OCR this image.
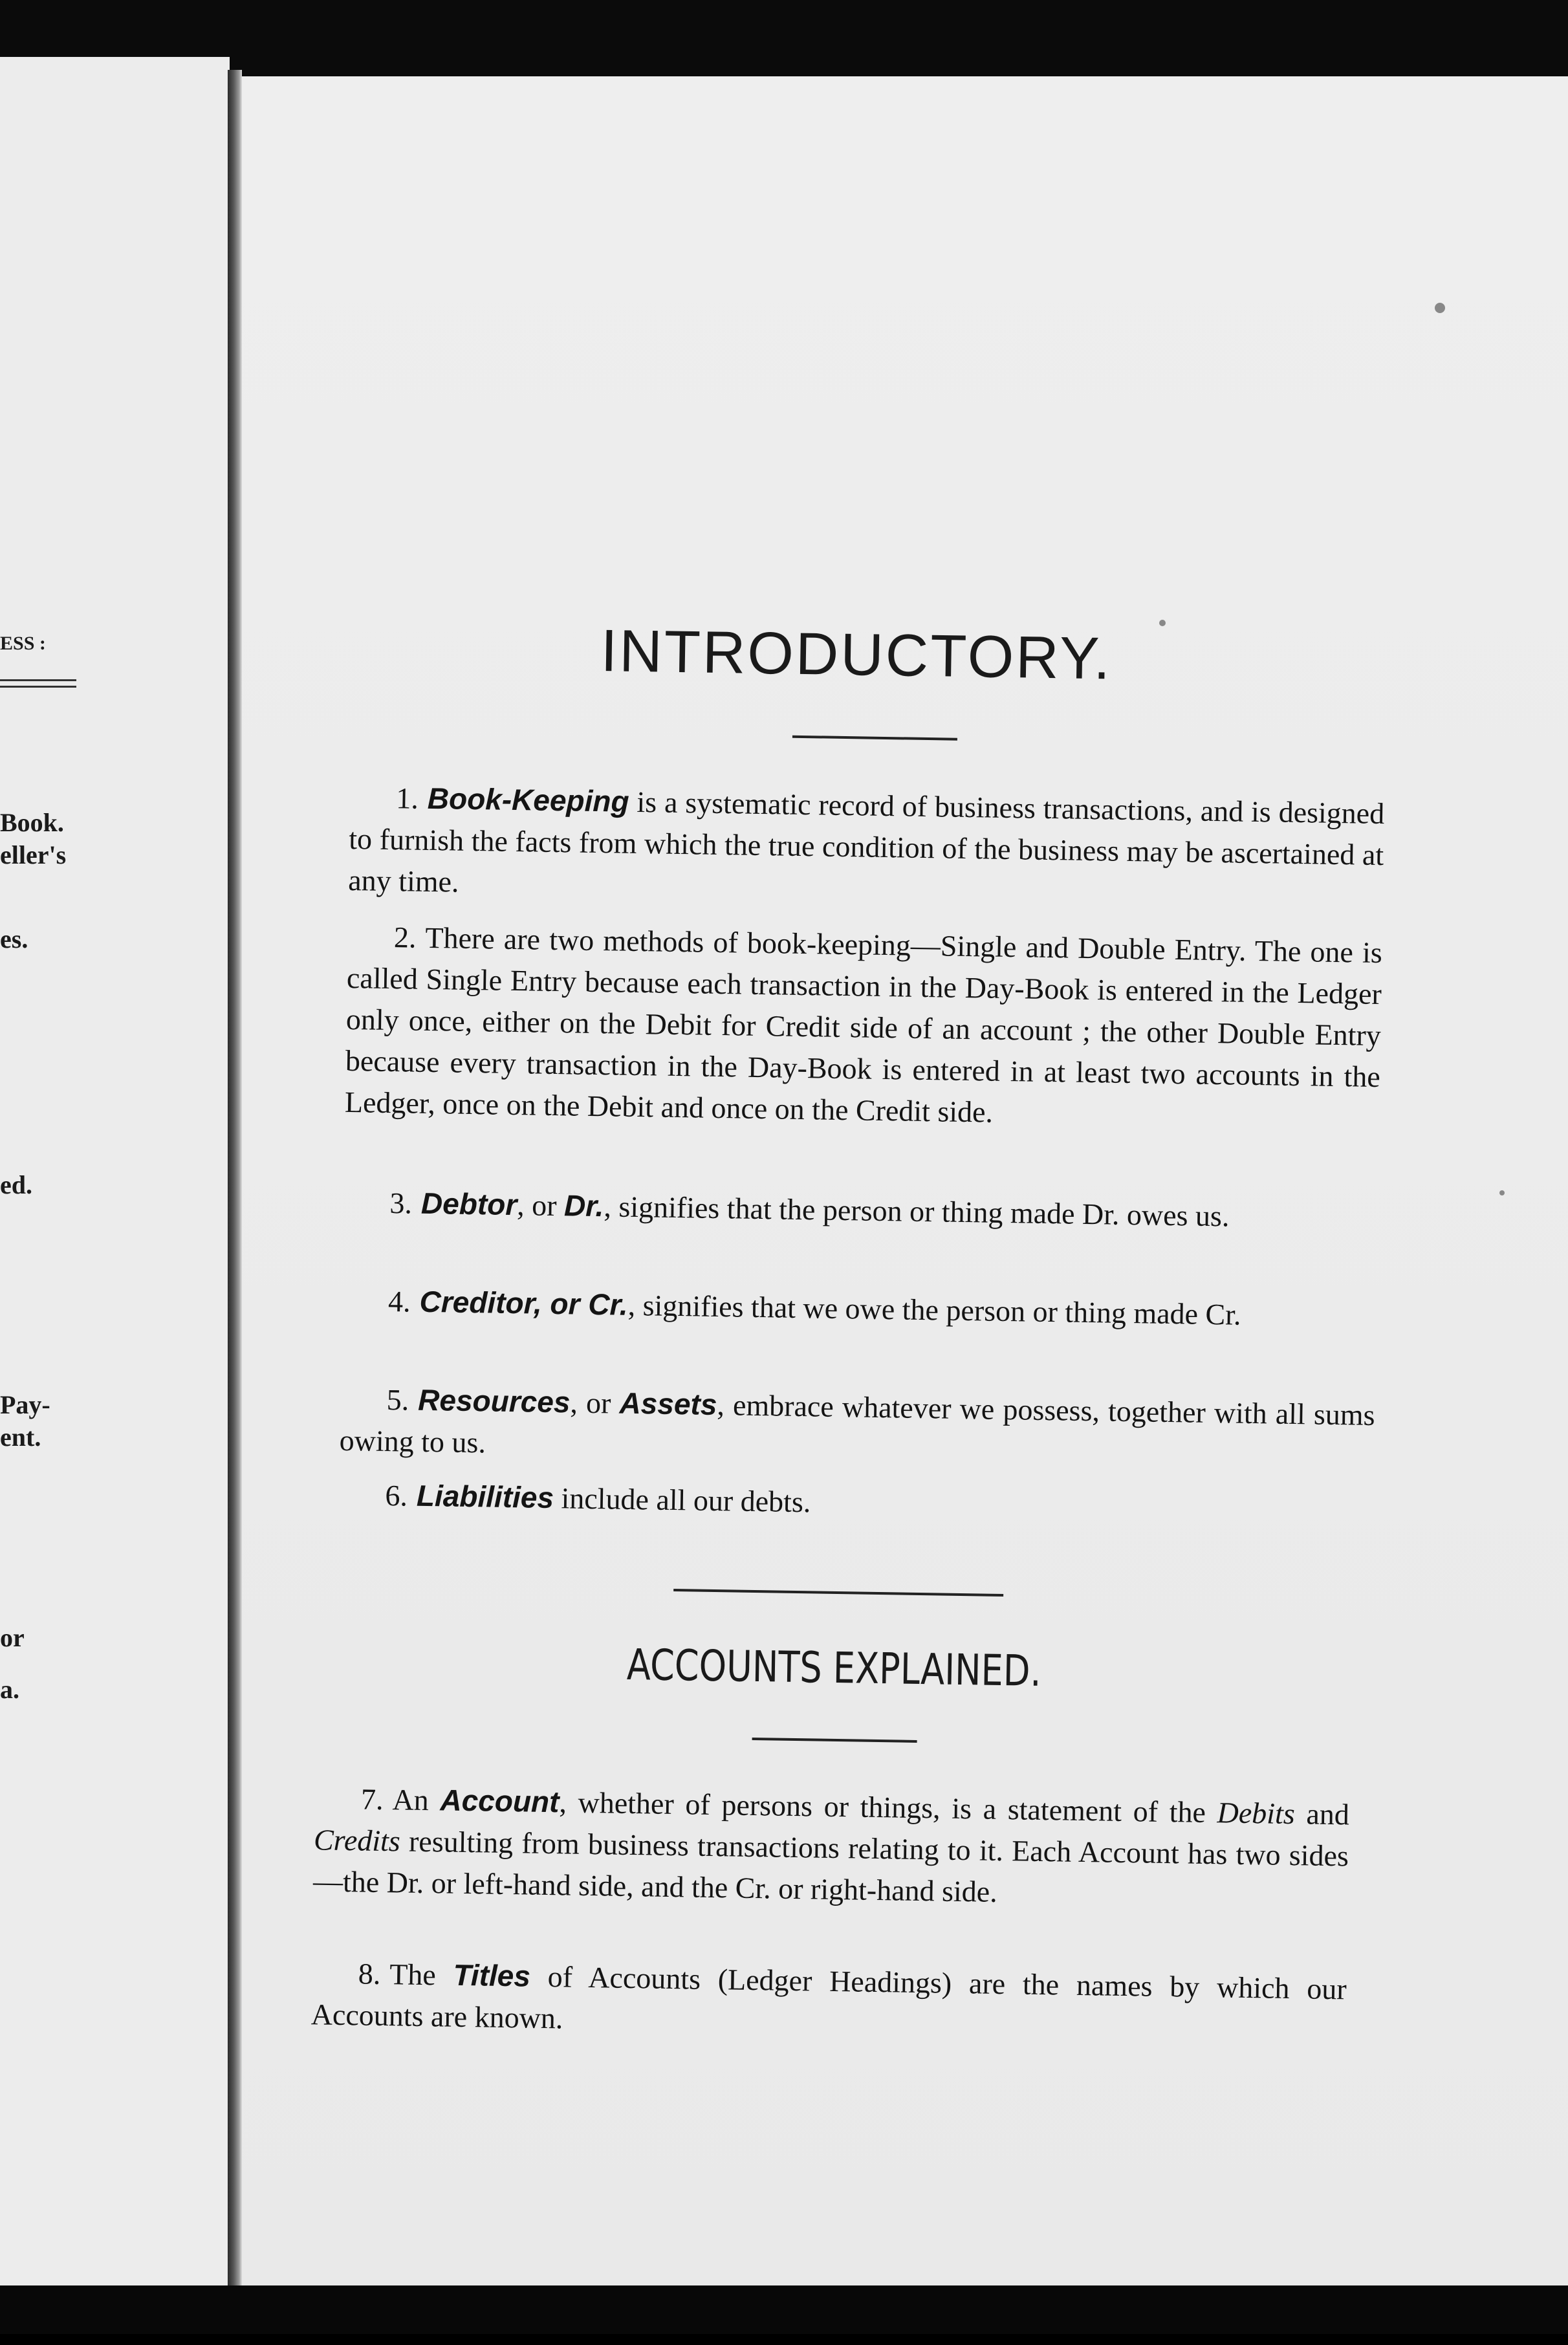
ESS :
Book.
eller's
es.
ed.
Pay-
ent.
or
a.
INTRODUCTORY.

1. Book-Keeping is a systematic record of business transactions, and is designed to furnish the facts from which the true condition of the business may be ascertained at any time.

2. There are two methods of book-keeping—Single and Double Entry. The one is called Single Entry because each transaction in the Day-Book is entered in the Ledger only once, either on the Debit for Credit side of an account ; the other Double Entry because every transaction in the Day-Book is entered in at least two accounts in the Ledger, once on the Debit and once on the Credit side.

3. Debtor, or Dr., signifies that the person or thing made Dr. owes us.

4. Creditor, or Cr., signifies that we owe the person or thing made Cr.

5. Resources, or Assets, embrace whatever we possess, together with all sums owing to us.

6. Liabilities include all our debts.

ACCOUNTS EXPLAINED.

7. An Account, whether of persons or things, is a statement of the Debits and Credits resulting from business transactions relating to it. Each Account has two sides—the Dr. or left-hand side, and the Cr. or right-hand side.

8. The Titles of Accounts (Ledger Headings) are the names by which our Accounts are known.
